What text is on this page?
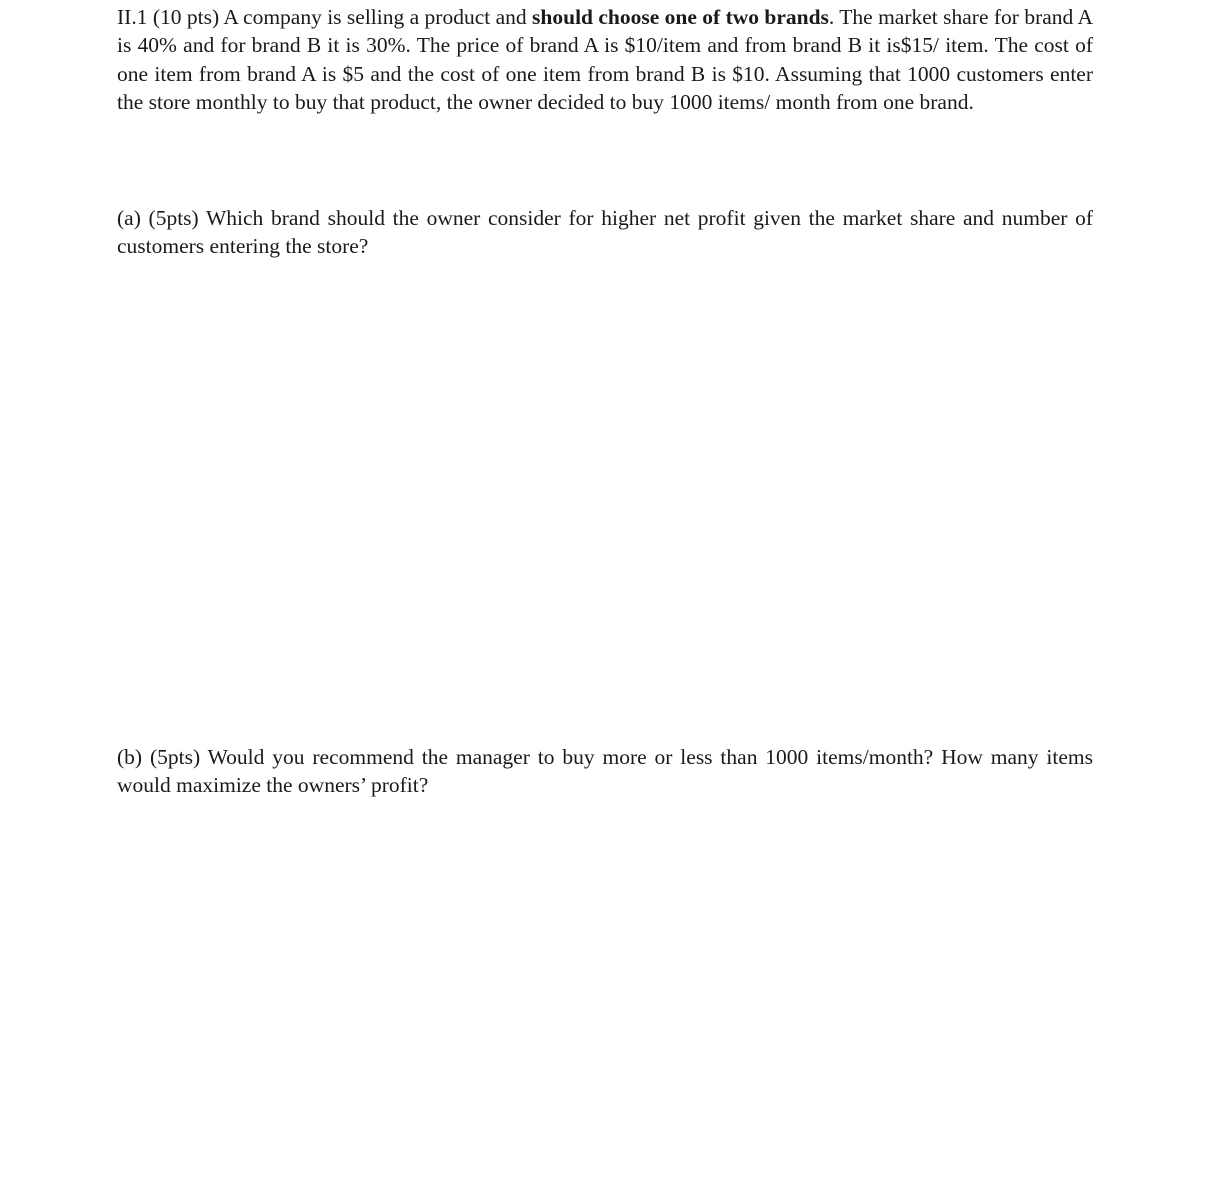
II.1 (10 pts) A company is selling a product and should choose one of two brands. The market share for brand A is 40% and for brand B it is 30%. The price of brand A is $10/item and from brand B it is$15/ item. The cost of one item from brand A is $5 and the cost of one item from brand B is $10. Assuming that 1000 customers enter the store monthly to buy that product, the owner decided to buy 1000 items/ month from one brand.

(a) (5pts) Which brand should the owner consider for higher net profit given the market share and number of customers entering the store?

(b) (5pts) Would you recommend the manager to buy more or less than 1000 items/month? How many items would maximize the owners’ profit?
